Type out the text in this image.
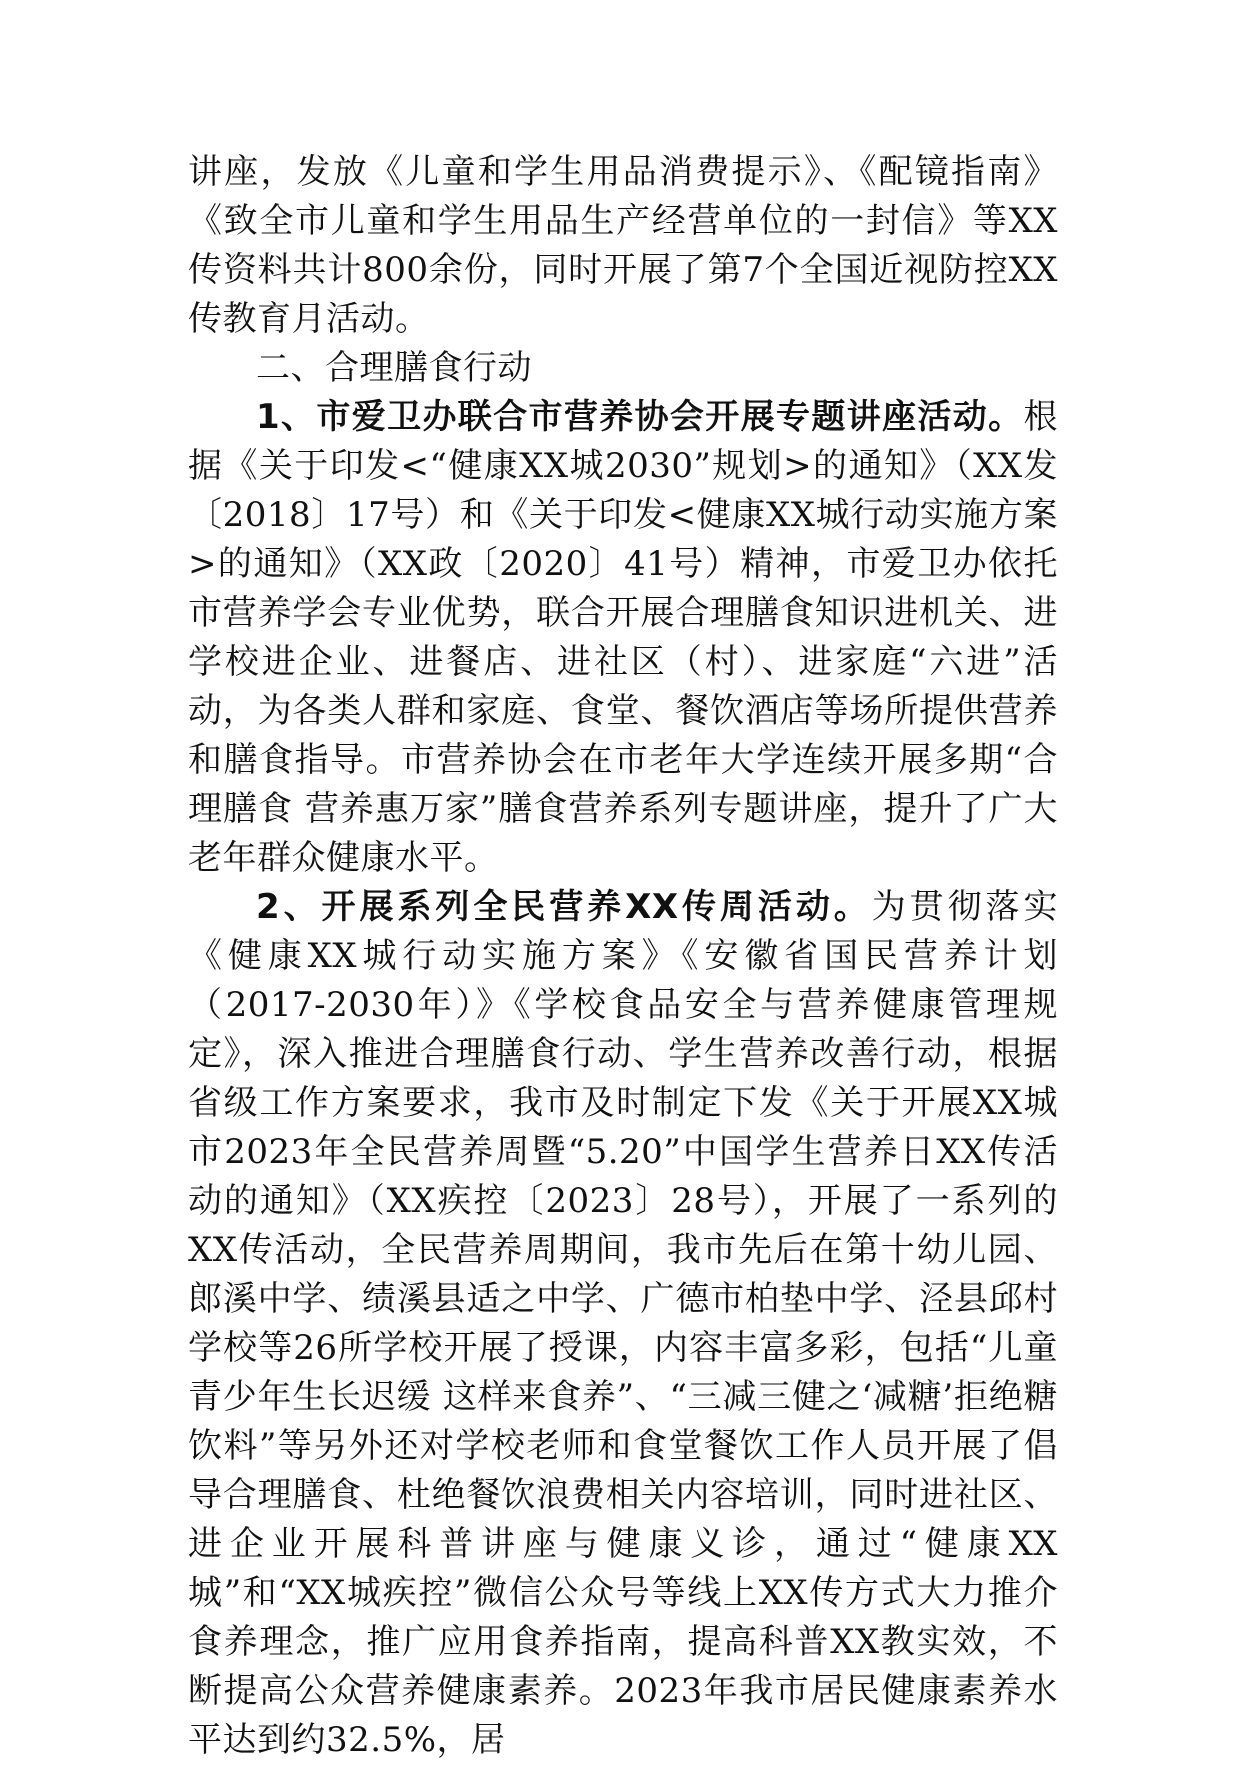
讲座，发放《儿童和学生用品消费提示》、《配镜指南》《致全市儿童和学生用品生产经营单位的一封信》等XX传资料共计800余份，同时开展了第7个全国近视防控XX传教育月活动。

二、合理膳食行动

1、市爱卫办联合市营养协会开展专题讲座活动。根据《关于印发<“健康XX城2030”规划>的通知》（XX发〔2018〕17号）和《关于印发<健康XX城行动实施方案>的通知》（XX政〔2020〕41号）精神，市爱卫办依托市营养学会专业优势，联合开展合理膳食知识进机关、进学校进企业、进餐店、进社区（村）、进家庭“六进”活动，为各类人群和家庭、食堂、餐饮酒店等场所提供营养和膳食指导。市营养协会在市老年大学连续开展多期“合理膳食 营养惠万家”膳食营养系列专题讲座，提升了广大老年群众健康水平。

2、开展系列全民营养XX传周活动。为贯彻落实《健康XX城行动实施方案》《安徽省国民营养计划（2017-2030年）》《学校食品安全与营养健康管理规定》，深入推进合理膳食行动、学生营养改善行动，根据省级工作方案要求，我市及时制定下发《关于开展XX城市2023年全民营养周暨“5.20”中国学生营养日XX传活动的通知》（XX疾控〔2023〕28号），开展了一系列的XX传活动，全民营养周期间，我市先后在第十幼儿园、郎溪中学、绩溪县适之中学、广德市柏垫中学、泾县邱村学校等26所学校开展了授课，内容丰富多彩，包括“儿童青少年生长迟缓 这样来食养”、“三减三健之‘减糖’拒绝糖饮料”等另外还对学校老师和食堂餐饮工作人员开展了倡导合理膳食、杜绝餐饮浪费相关内容培训，同时进社区、进企业开展科普讲座与健康义诊，通过“健康XX城”和“XX城疾控”微信公众号等线上XX传方式大力推介食养理念，推广应用食养指南，提高科普XX教实效，不断提高公众营养健康素养。2023年我市居民健康素养水平达到约32.5%，居
